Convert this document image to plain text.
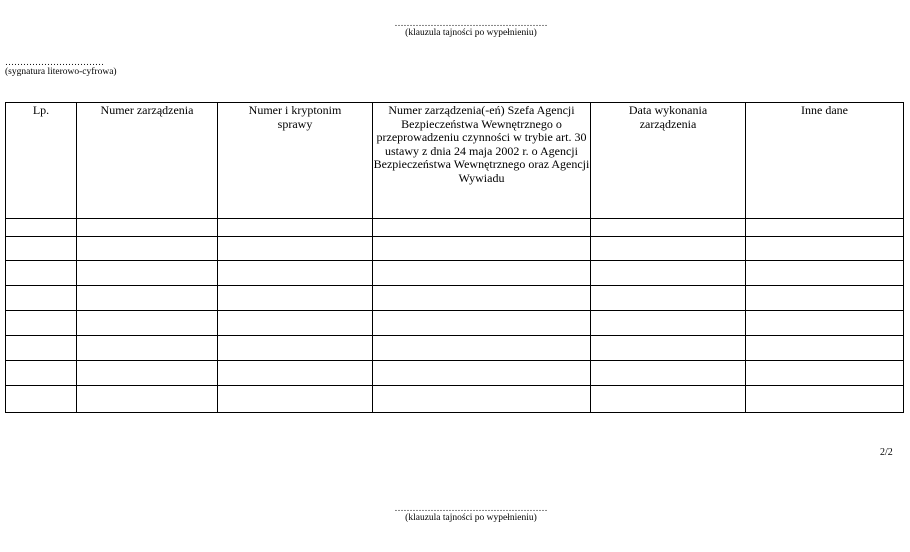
……………………………………………
(klauzula tajności po wypełnieniu)
……………………………
(sygnatura literowo-cyfrowa)
Lp.	Numer zarządzenia	Numer i kryptonim sprawy	Numer zarządzenia(-eń) Szefa Agencji Bezpieczeństwa Wewnętrznego o przeprowadzeniu czynności w trybie art. 30 ustawy z dnia 24 maja 2002 r. o Agencji Bezpieczeństwa Wewnętrznego oraz Agencji Wywiadu	Data wykonania zarządzenia	Inne dane

2/2
……………………………………………
(klauzula tajności po wypełnieniu)
